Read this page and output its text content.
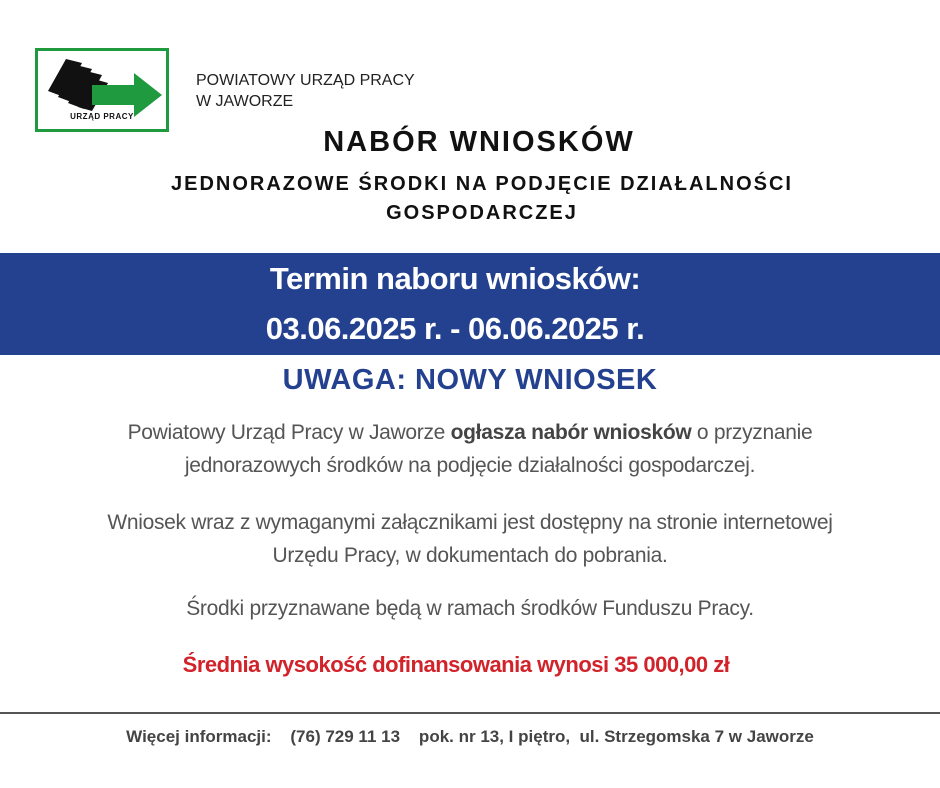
URZĄD PRACY
POWIATOWY URZĄD PRACY
W JAWORZE
NABÓR WNIOSKÓW
JEDNORAZOWE ŚRODKI NA PODJĘCIE DZIAŁALNOŚCI
GOSPODARCZEJ
Termin naboru wniosków:
03.06.2025 r. - 06.06.2025 r.
UWAGA: NOWY WNIOSEK
Powiatowy Urząd Pracy w Jaworze ogłasza nabór wniosków o przyznanie
jednorazowych środków na podjęcie działalności gospodarczej.
Wniosek wraz z wymaganymi załącznikami jest dostępny na stronie internetowej
Urzędu Pracy, w dokumentach do pobrania.
Środki przyznawane będą w ramach środków Funduszu Pracy.
Średnia wysokość dofinansowania wynosi 35 000,00 zł
Więcej informacji:    (76) 729 11 13    pok. nr 13, I piętro,  ul. Strzegomska 7 w Jaworze
